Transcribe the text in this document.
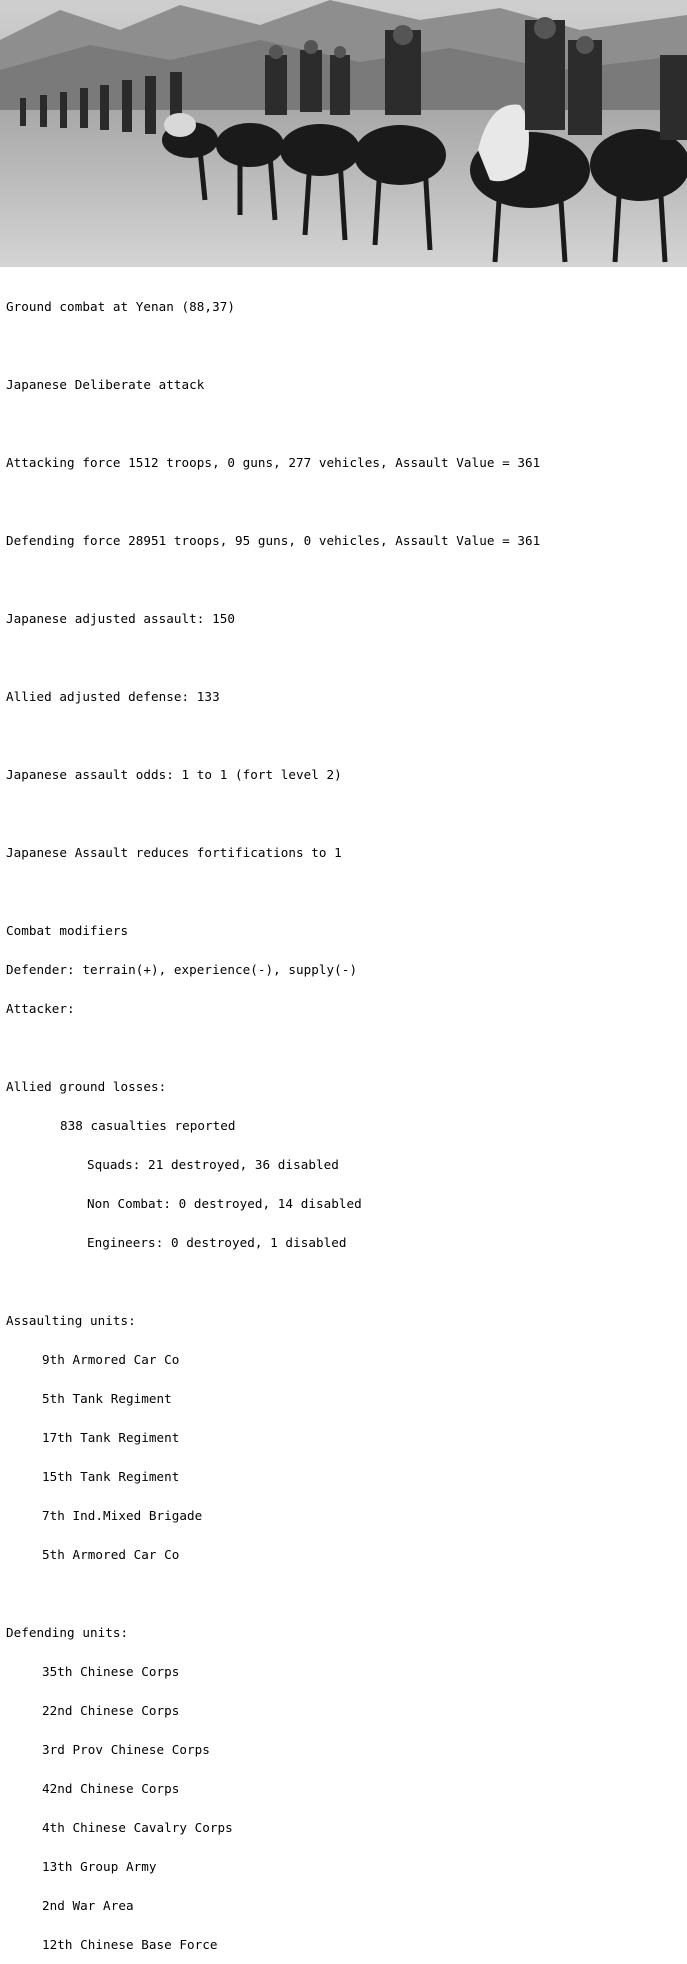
Ground combat at Yenan (88,37)

Japanese Deliberate attack

Attacking force 1512 troops, 0 guns, 277 vehicles, Assault Value = 361

Defending force 28951 troops, 95 guns, 0 vehicles, Assault Value = 361

Japanese adjusted assault: 150

Allied adjusted defense: 133

Japanese assault odds: 1 to 1 (fort level 2)

Japanese Assault reduces fortifications to 1

Combat modifiers

Defender: terrain(+), experience(-), supply(-)

Attacker:

Allied ground losses:

838 casualties reported

Squads: 21 destroyed, 36 disabled

Non Combat: 0 destroyed, 14 disabled

Engineers: 0 destroyed, 1 disabled

Assaulting units:

9th Armored Car Co

5th Tank Regiment

17th Tank Regiment

15th Tank Regiment

7th Ind.Mixed Brigade

5th Armored Car Co

Defending units:

35th Chinese Corps

22nd Chinese Corps

3rd Prov Chinese Corps

42nd Chinese Corps

4th Chinese Cavalry Corps

13th Group Army

2nd War Area

12th Chinese Base Force
